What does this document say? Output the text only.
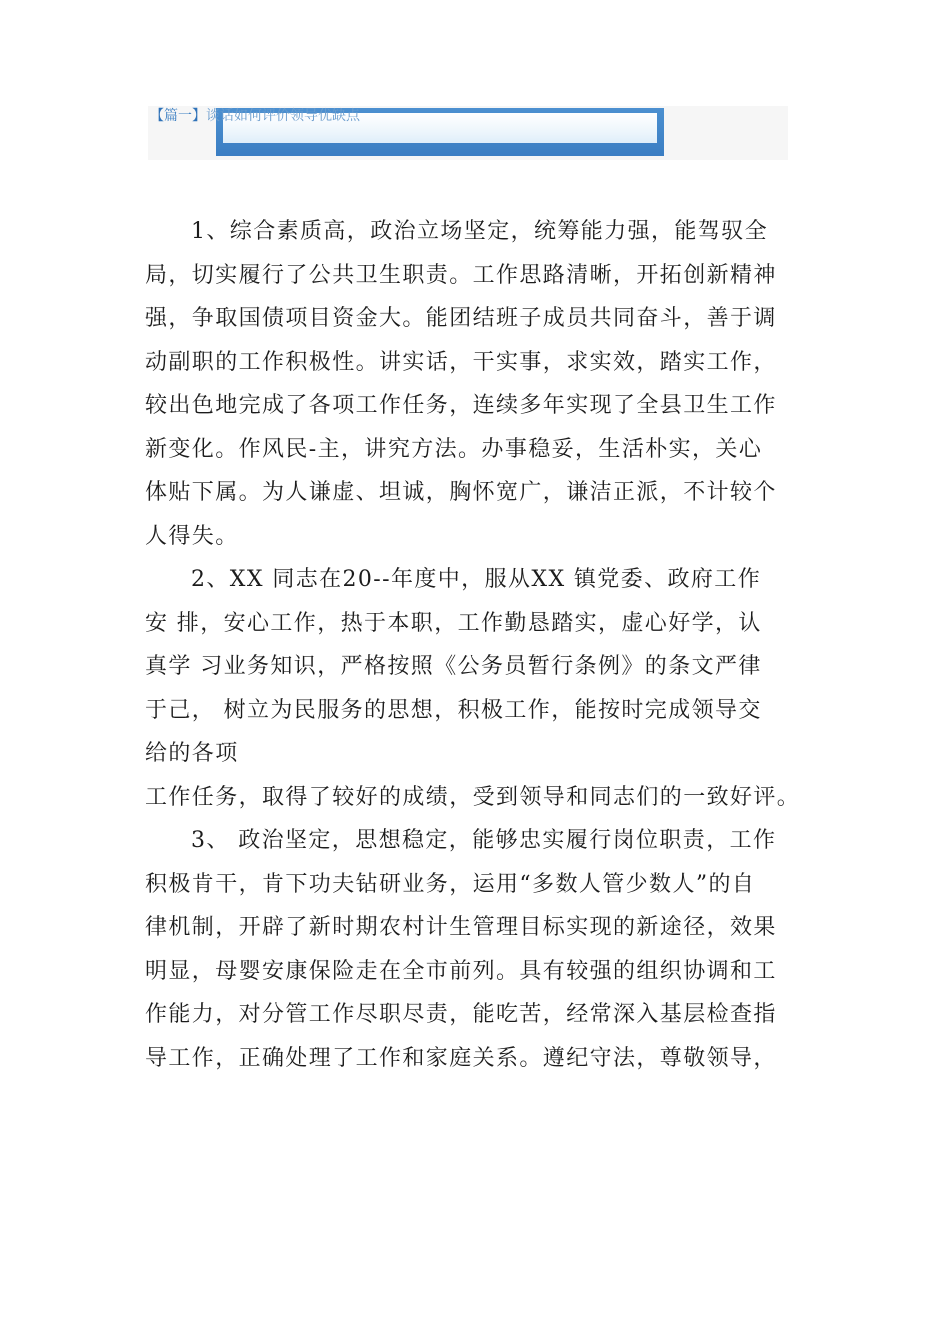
【篇一】谈话如何评价领导优缺点

1、综合素质高，政治立场坚定，统筹能力强，能驾驭全
局，切实履行了公共卫生职责。工作思路清晰，开拓创新精神
强，争取国债项目资金大。能团结班子成员共同奋斗，善于调
动副职的工作积极性。讲实话，干实事，求实效，踏实工作，
较出色地完成了各项工作任务，连续多年实现了全县卫生工作
新变化。作风民-主，讲究方法。办事稳妥，生活朴实，关心
体贴下属。为人谦虚、坦诚，胸怀宽广，谦洁正派，不计较个
人得失。

2、XX 同志在20--年度中，服从XX 镇党委、政府工作
安 排，安心工作，热于本职，工作勤恳踏实，虚心好学，认
真学 习业务知识，严格按照《公务员暂行条例》的条文严律
于己， 树立为民服务的思想，积极工作，能按时完成领导交
给的各项
工作任务，取得了较好的成绩，受到领导和同志们的一致好评。

3、 政治坚定，思想稳定，能够忠实履行岗位职责，工作
积极肯干，肯下功夫钻研业务，运用“多数人管少数人”的自
律机制，开辟了新时期农村计生管理目标实现的新途径，效果
明显，母婴安康保险走在全市前列。具有较强的组织协调和工
作能力，对分管工作尽职尽责，能吃苦，经常深入基层检查指
导工作，正确处理了工作和家庭关系。遵纪守法，尊敬领导，
